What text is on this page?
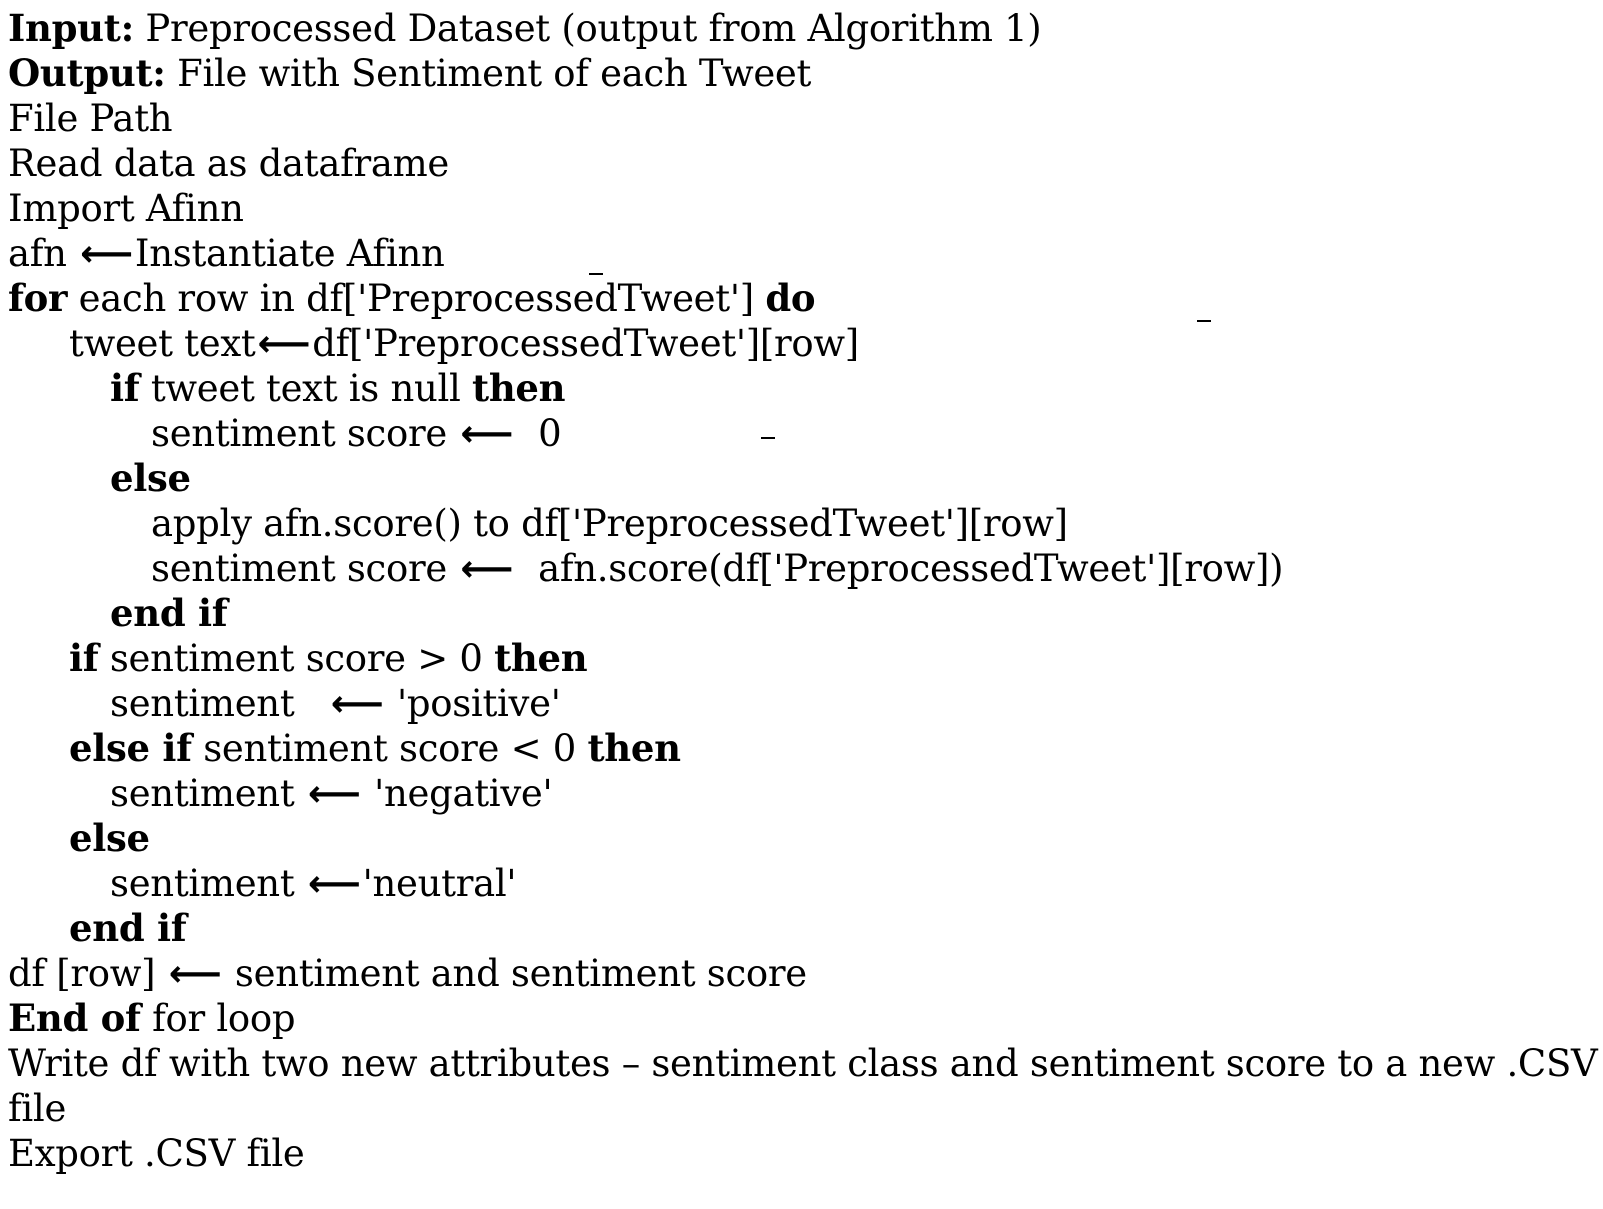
Input: Preprocessed Dataset (output from Algorithm 1)
Output: File with Sentiment of each Tweet
File Path
Read data as dataframe
Import Afinn
afn ⟵Instantiate Afinn
for each row in df['PreprocessedTweet'] do
tweet text⟵df['PreprocessedTweet'][row]
if tweet text is null then
sentiment score ⟵  0
else
apply afn.score() to df['PreprocessedTweet'][row]
sentiment score ⟵  afn.score(df['PreprocessedTweet'][row])
end if
if sentiment score > 0 then
sentiment   ⟵ 'positive'
else if sentiment score < 0 then
sentiment ⟵ 'negative'
else
sentiment ⟵'neutral'
end if
df [row] ⟵ sentiment and sentiment score
End of for loop
Write df with two new attributes – sentiment class and sentiment score to a new .CSV
file
Export .CSV file
